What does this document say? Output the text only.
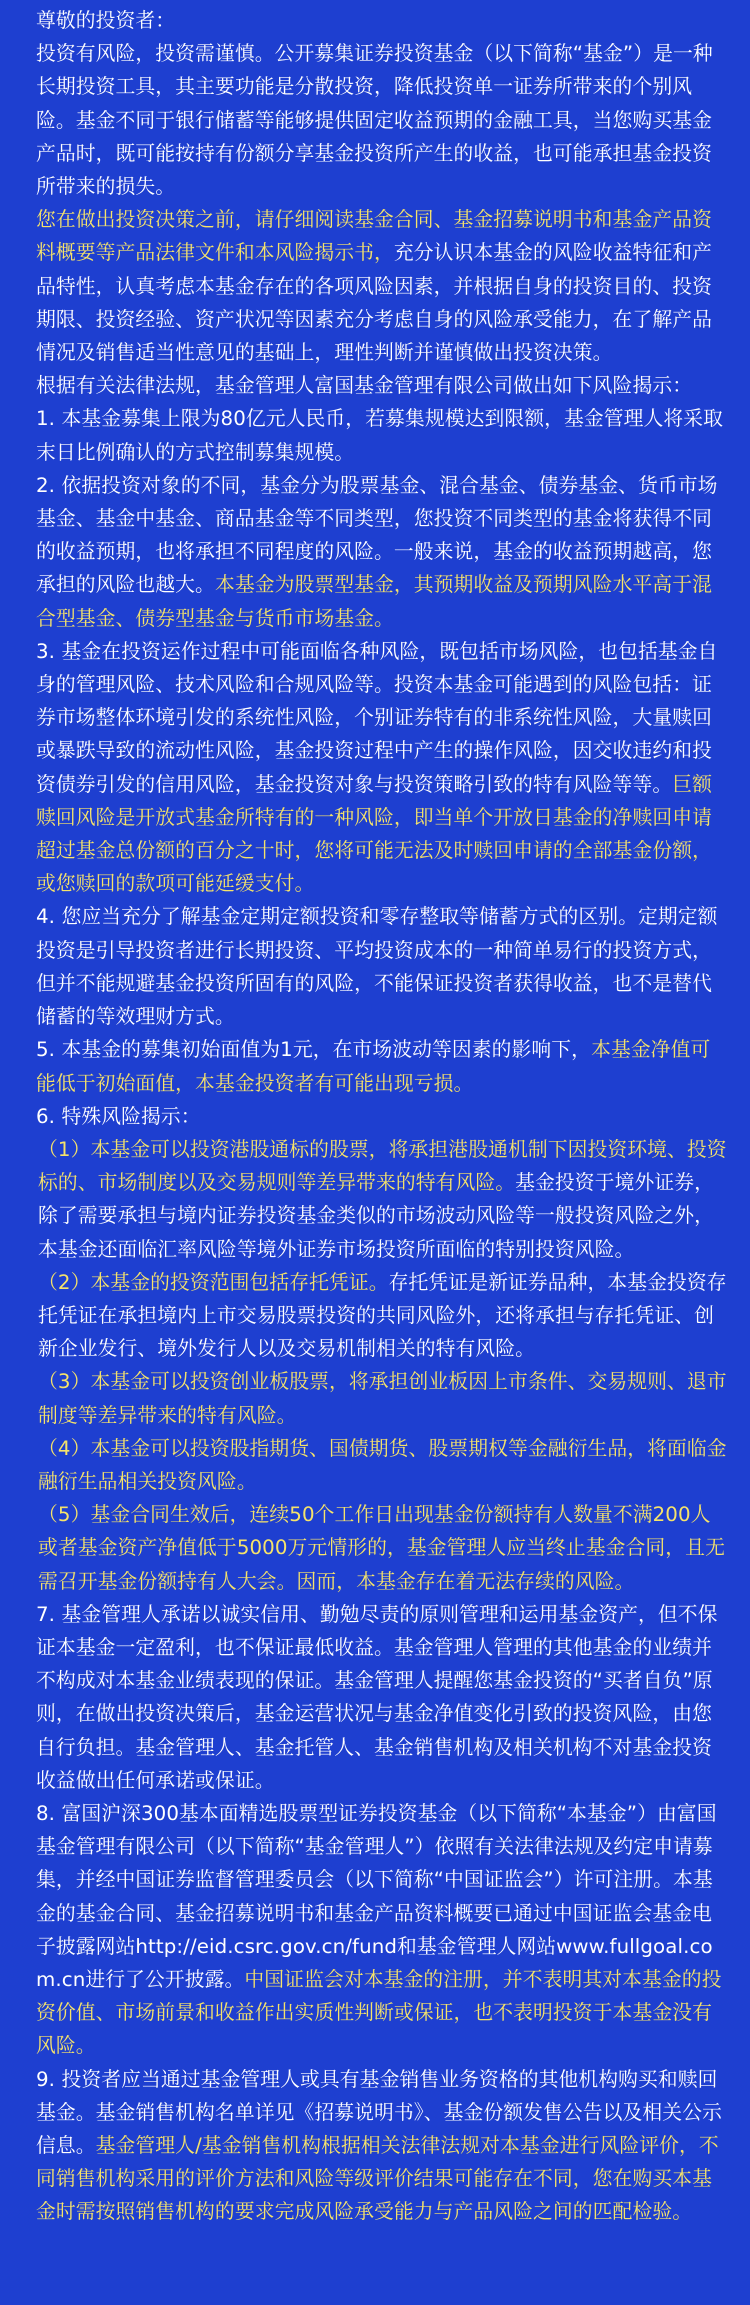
尊敬的投资者：

投资有风险，投资需谨慎。公开募集证券投资基金（以下简称“基金”）是一种长期投资工具，其主要功能是分散投资，降低投资单一证券所带来的个别风险。基金不同于银行储蓄等能够提供固定收益预期的金融工具，当您购买基金产品时，既可能按持有份额分享基金投资所产生的收益，也可能承担基金投资所带来的损失。

您在做出投资决策之前，请仔细阅读基金合同、基金招募说明书和基金产品资料概要等产品法律文件和本风险揭示书，充分认识本基金的风险收益特征和产品特性，认真考虑本基金存在的各项风险因素，并根据自身的投资目的、投资期限、投资经验、资产状况等因素充分考虑自身的风险承受能力，在了解产品情况及销售适当性意见的基础上，理性判断并谨慎做出投资决策。

根据有关法律法规，基金管理人富国基金管理有限公司做出如下风险揭示：

1. 本基金募集上限为80亿元人民币，若募集规模达到限额，基金管理人将采取末日比例确认的方式控制募集规模。

2. 依据投资对象的不同，基金分为股票基金、混合基金、债券基金、货币市场基金、基金中基金、商品基金等不同类型，您投资不同类型的基金将获得不同的收益预期，也将承担不同程度的风险。一般来说，基金的收益预期越高，您承担的风险也越大。本基金为股票型基金，其预期收益及预期风险水平高于混合型基金、债券型基金与货币市场基金。

3. 基金在投资运作过程中可能面临各种风险，既包括市场风险，也包括基金自身的管理风险、技术风险和合规风险等。投资本基金可能遇到的风险包括：证券市场整体环境引发的系统性风险，个别证券特有的非系统性风险，大量赎回或暴跌导致的流动性风险，基金投资过程中产生的操作风险，因交收违约和投资债券引发的信用风险，基金投资对象与投资策略引致的特有风险等等。巨额赎回风险是开放式基金所特有的一种风险，即当单个开放日基金的净赎回申请超过基金总份额的百分之十时，您将可能无法及时赎回申请的全部基金份额，或您赎回的款项可能延缓支付。

4. 您应当充分了解基金定期定额投资和零存整取等储蓄方式的区别。定期定额投资是引导投资者进行长期投资、平均投资成本的一种简单易行的投资方式，但并不能规避基金投资所固有的风险，不能保证投资者获得收益，也不是替代储蓄的等效理财方式。

5. 本基金的募集初始面值为1元，在市场波动等因素的影响下，本基金净值可能低于初始面值，本基金投资者有可能出现亏损。

6. 特殊风险揭示：

（1）本基金可以投资港股通标的股票，将承担港股通机制下因投资环境、投资标的、市场制度以及交易规则等差异带来的特有风险。基金投资于境外证券，除了需要承担与境内证券投资基金类似的市场波动风险等一般投资风险之外，本基金还面临汇率风险等境外证券市场投资所面临的特别投资风险。

（2）本基金的投资范围包括存托凭证。存托凭证是新证券品种，本基金投资存托凭证在承担境内上市交易股票投资的共同风险外，还将承担与存托凭证、创新企业发行、境外发行人以及交易机制相关的特有风险。

（3）本基金可以投资创业板股票，将承担创业板因上市条件、交易规则、退市制度等差异带来的特有风险。

（4）本基金可以投资股指期货、国债期货、股票期权等金融衍生品，将面临金融衍生品相关投资风险。

（5）基金合同生效后，连续50个工作日出现基金份额持有人数量不满200人或者基金资产净值低于5000万元情形的，基金管理人应当终止基金合同，且无需召开基金份额持有人大会。因而，本基金存在着无法存续的风险。

7. 基金管理人承诺以诚实信用、勤勉尽责的原则管理和运用基金资产，但不保证本基金一定盈利，也不保证最低收益。基金管理人管理的其他基金的业绩并不构成对本基金业绩表现的保证。基金管理人提醒您基金投资的“买者自负”原则，在做出投资决策后，基金运营状况与基金净值变化引致的投资风险，由您自行负担。基金管理人、基金托管人、基金销售机构及相关机构不对基金投资收益做出任何承诺或保证。

8. 富国沪深300基本面精选股票型证券投资基金（以下简称“本基金”）由富国基金管理有限公司（以下简称“基金管理人”）依照有关法律法规及约定申请募集，并经中国证券监督管理委员会（以下简称“中国证监会”）许可注册。本基金的基金合同、基金招募说明书和基金产品资料概要已通过中国证监会基金电子披露网站http://eid.csrc.gov.cn/fund和基金管理人网站www.fullgoal.com.cn进行了公开披露。中国证监会对本基金的注册，并不表明其对本基金的投资价值、市场前景和收益作出实质性判断或保证，也不表明投资于本基金没有风险。

9. 投资者应当通过基金管理人或具有基金销售业务资格的其他机构购买和赎回基金。基金销售机构名单详见《招募说明书》、基金份额发售公告以及相关公示信息。基金管理人/基金销售机构根据相关法律法规对本基金进行风险评价，不同销售机构采用的评价方法和风险等级评价结果可能存在不同，您在购买本基金时需按照销售机构的要求完成风险承受能力与产品风险之间的匹配检验。
